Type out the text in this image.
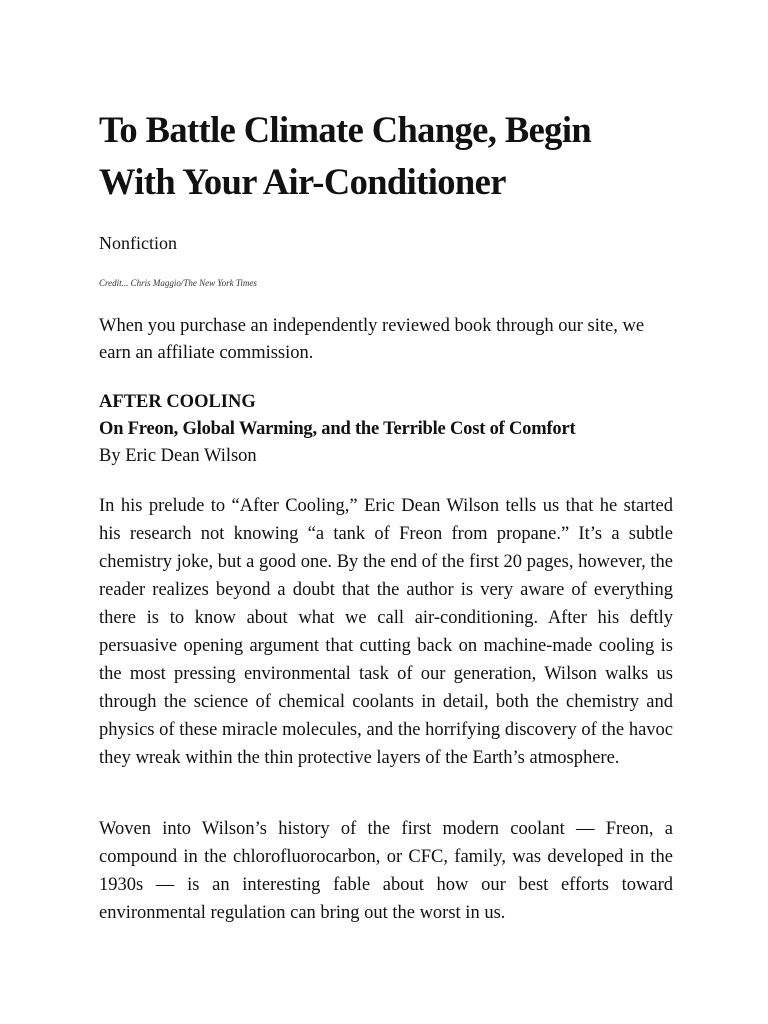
To Battle Climate Change, Begin With Your Air-Conditioner
Nonfiction
Credit... Chris Maggio/The New York Times

When you purchase an independently reviewed book through our site, we earn an affiliate commission.

AFTER COOLING
On Freon, Global Warming, and the Terrible Cost of Comfort
By Eric Dean Wilson

In his prelude to “After Cooling,” Eric Dean Wilson tells us that he started his research not knowing “a tank of Freon from propane.” It’s a subtle chemistry joke, but a good one. By the end of the first 20 pages, however, the reader realizes beyond a doubt that the author is very aware of everything there is to know about what we call air-conditioning. After his deftly persuasive opening argument that cutting back on machine-made cooling is the most pressing environmental task of our generation, Wilson walks us through the science of chemical coolants in detail, both the chemistry and physics of these miracle molecules, and the horrifying discovery of the havoc they wreak within the thin protective layers of the Earth’s atmosphere.

Woven into Wilson’s history of the first modern coolant — Freon, a compound in the chlorofluorocarbon, or CFC, family, was developed in the 1930s — is an interesting fable about how our best efforts toward environmental regulation can bring out the worst in us.
